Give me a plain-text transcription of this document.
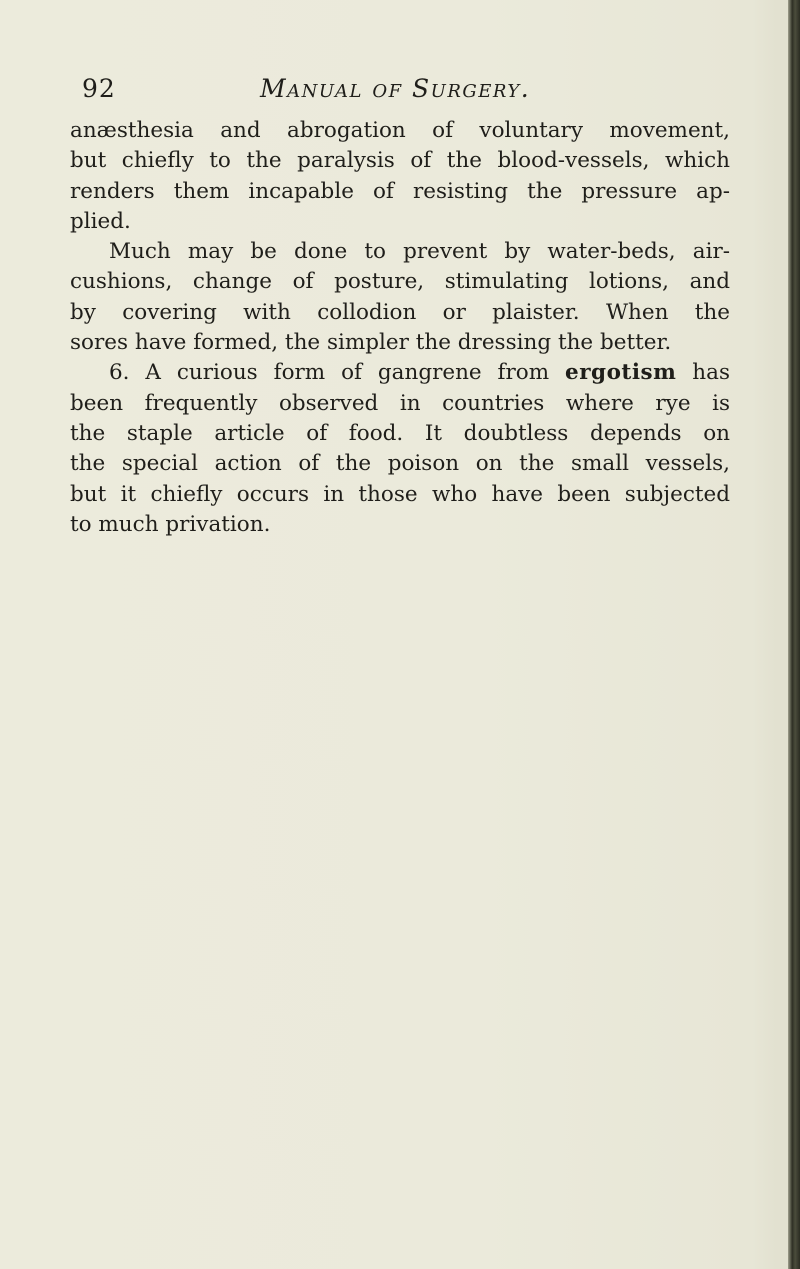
92	Manual of Surgery.
anæsthesia and abrogation of voluntary movement,
but chiefly to the paralysis of the blood-vessels, which
renders them incapable of resisting the pressure ap-
plied.
Much may be done to prevent by water-beds, air-
cushions, change of posture, stimulating lotions, and
by covering with collodion or plaister. When the
sores have formed, the simpler the dressing the better.
6. A curious form of gangrene from ergotism has
been frequently observed in countries where rye is
the staple article of food. It doubtless depends on
the special action of the poison on the small vessels,
but it chiefly occurs in those who have been subjected
to much privation.
